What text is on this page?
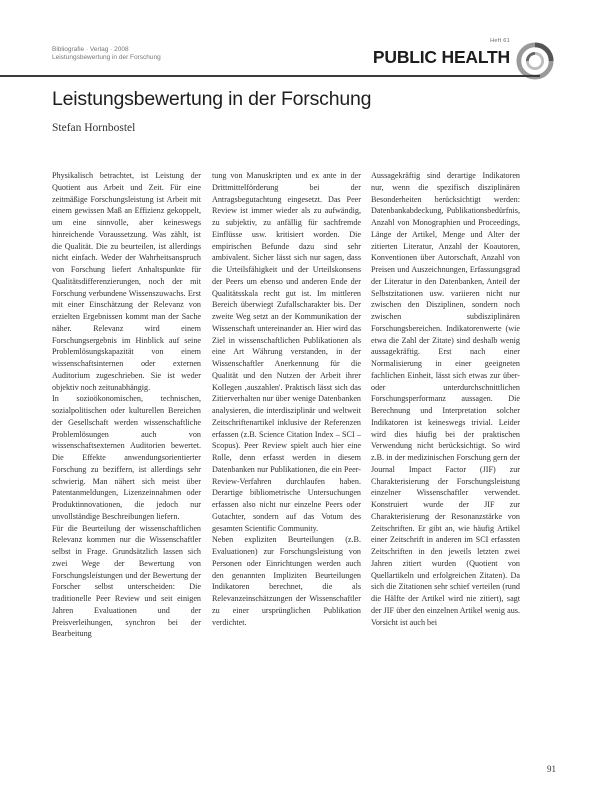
Bibliografie · Verlag · 2008
Leistungsbewertung in der Forschung
Heft 61
PUBLIC HEALTH
Leistungsbewertung in der Forschung
Stefan Hornbostel

Physikalisch betrachtet, ist Leistung der Quotient aus Arbeit und Zeit. Für eine zeitmäßige Forschungsleistung ist Arbeit mit einem gewissen Maß an Effizienz gekoppelt, um eine sinnvolle, aber keineswegs hinreichende Voraussetzung. Was zählt, ist die Qualität. Die zu beurteilen, ist allerdings nicht einfach. Weder der Wahrheitsanspruch von Forschung liefert Anhaltspunkte für Qualitätsdifferenzierungen, noch der mit Forschung verbundene Wissenszuwachs. Erst mit einer Einschätzung der Relevanz von erzielten Ergebnissen kommt man der Sache näher. Relevanz wird einem Forschungsergebnis im Hinblick auf seine Problemlösungskapazität von einem wissenschaftsinternen oder externen Auditorium zugeschrieben. Sie ist weder objektiv noch zeitunabhängig.

In sozioökonomischen, technischen, sozialpolitischen oder kulturellen Bereichen der Gesellschaft werden wissenschaftliche Problemlösungen auch von wissenschaftsexternen Auditorien bewertet. Die Effekte anwendungsorientierter Forschung zu beziffern, ist allerdings sehr schwierig. Man nähert sich meist über Patentanmeldungen, Lizenzeinnahmen oder Produktinnovationen, die jedoch nur unvollständige Beschreibungen liefern.

Für die Beurteilung der wissenschaftlichen Relevanz kommen nur die Wissenschaftler selbst in Frage. Grundsätzlich lassen sich zwei Wege der Bewertung von Forschungsleistungen und der Bewertung der Forscher selbst unterscheiden: Die traditionelle Peer Review und seit einigen Jahren Evaluationen und der Preisverleihungen, synchron bei der Bearbeitung

tung von Manuskripten und ex ante in der Drittmittelförderung bei der Antragsbegutachtung eingesetzt. Das Peer Review ist immer wieder als zu aufwändig, zu subjektiv, zu anfällig für sachfremde Einflüsse usw. kritisiert worden. Die empirischen Befunde dazu sind sehr ambivalent. Sicher lässt sich nur sagen, dass die Urteilsfähigkeit und der Urteilskonsens der Peers um ebenso und anderen Ende der Qualitätsskala recht gut ist. Im mittleren Bereich überwiegt Zufallscharakter bis. Der zweite Weg setzt an der Kommunikation der Wissenschaft untereinander an. Hier wird das Ziel in wissenschaftlichen Publikationen als eine Art Währung verstanden, in der Wissenschaftler Anerkennung für die Qualität und den Nutzen der Arbeit ihrer Kollegen ‚auszahlen'. Praktisch lässt sich das Zitierverhalten nur über wenige Datenbanken analysieren, die interdisziplinär und weltweit Zeitschriftenartikel inklusive der Referenzen erfassen (z.B. Science Citation Index – SCI – Scopus). Peer Review spielt auch hier eine Rolle, denn erfasst werden in diesem Datenbanken nur Publikationen, die ein Peer-Review-Verfahren durchlaufen haben. Derartige bibliometrische Untersuchungen erfassen also nicht nur einzelne Peers oder Gutachter, sondern auf das Votum des gesamten Scientific Community.

Neben expliziten Beurteilungen (z.B. Evaluationen) zur Forschungsleistung von Personen oder Einrichtungen werden auch den genannten Impliziten Beurteilungen Indikatoren berechnet, die als Relevanzeinschätzungen der Wissenschaftler zu einer ursprünglichen Publikation verdichtet.

Aussagekräftig sind derartige Indikatoren nur, wenn die spezifisch disziplinären Besonderheiten berücksichtigt werden: Datenbankabdeckung, Publikationsbedürfnis, Anzahl von Monographien und Proceedings, Länge der Artikel, Menge und Alter der zitierten Literatur, Anzahl der Koautoren, Konventionen über Autorschaft, Anzahl von Preisen und Auszeichnungen, Erfassungsgrad der Literatur in den Datenbanken, Anteil der Selbstzitationen usw. variieren nicht nur zwischen den Disziplinen, sondern noch zwischen subdisziplinären Forschungsbereichen. Indikatorenwerte (wie etwa die Zahl der Zitate) sind deshalb wenig aussagekräftig. Erst nach einer Normalisierung in einer geeigneten fachlichen Einheit, lässt sich etwas zur über- oder unterdurchschnittlichen Forschungsperformanz aussagen. Die Berechnung und Interpretation solcher Indikatoren ist keineswegs trivial. Leider wird dies häufig bei der praktischen Verwendung nicht berücksichtigt. So wird z.B. in der medizinischen Forschung gern der Journal Impact Factor (JIF) zur Charakterisierung der Forschungsleistung einzelner Wissenschaftler verwendet. Konstruiert wurde der JIF zur Charakterisierung der Resonanzstärke von Zeitschriften. Er gibt an, wie häufig Artikel einer Zeitschrift in anderen im SCI erfassten Zeitschriften in den jeweils letzten zwei Jahren zitiert wurden (Quotient von Quellartikeln und erfolgreichen Zitaten). Da sich die Zitationen sehr schief verteilen (rund die Hälfte der Artikel wird nie zitiert), sagt der JIF über den einzelnen Artikel wenig aus. Vorsicht ist auch bei

91
